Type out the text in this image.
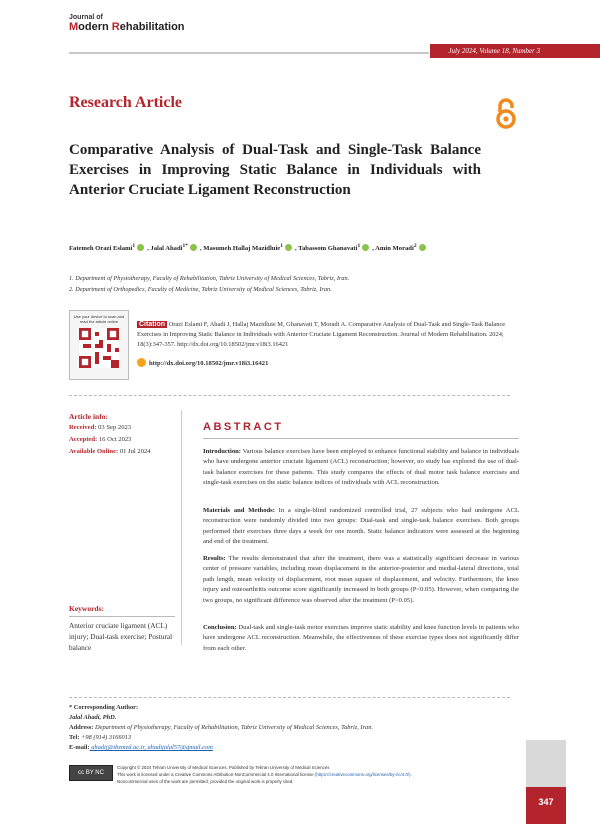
Journal of
Modern Rehabilitation
July 2024, Volume 18, Number 3
Research Article
Comparative Analysis of Dual-Task and Single-Task Balance Exercises in Improving Static Balance in Individuals with Anterior Cruciate Ligament Reconstruction
Fatemeh Orazi Eslami$^1$ , Jalal Ahadi$^{1*}$ , Masumeh Hallaj Mazidluie$^1$ , Tabassom Ghanavati$^1$ , Amin Moradi$^2$
1. Department of Physiotherapy, Faculty of Rehabilitation, Tabriz University of Medical Sciences, Tabriz, Iran.
2. Department of Orthopedics, Faculty of Medicine, Tabriz University of Medical Sciences, Tabriz, Iran.
Use your device to scan and read the article online	Citation Orazi Eslami F, Ahadi J, Hallaj Mazidluie M, Ghanavati T, Moradi A. Comparative Analysis of Dual-Task and Single-Task Balance Exercises in Improving Static Balance in Individuals with Anterior Cruciate Ligament Reconstruction. Journal of Modern Rehabilitation. 2024; 18(3):347-357. http://dx.doi.org/10.18502/jmr.v18i3.16421
http://dx.doi.org/10.18502/jmr.v18i3.16421
Article info:
Received: 03 Sep 2023
Accepted: 16 Oct 2023
Available Online: 01 Jul 2024
Keywords:
Anterior cruciate ligament (ACL) injury; Dual-task exercise; Postural balance
ABSTRACT
Introduction: Various balance exercises have been employed to enhance functional stability and balance in individuals who have undergone anterior cruciate ligament (ACL) reconstruction; however, no study has explored the use of dual-task balance exercises for these patients. This study compares the effects of dual motor task balance exercises and single-task exercises on the static balance indices of individuals with ACL reconstruction.
Materials and Methods: In a single-blind randomized controlled trial, 27 subjects who had undergone ACL reconstruction were randomly divided into two groups: Dual-task and single-task balance exercises. Both groups performed their exercises three days a week for one month. Static balance indicators were assessed at the beginning and end of the treatment.
Results: The results demonstrated that after the treatment, there was a statistically significant decrease in various center of pressure variables, including mean displacement in the anterior-posterior and medial-lateral directions, total path length, mean velocity of displacement, root mean square of displacement, and velocity. Furthermore, the knee injury and osteoarthritis outcome score significantly increased in both groups (P<0.05). However, when comparing the two groups, no significant difference was observed after the treatment (P>0.05).
Conclusion: Dual-task and single-task motor exercises improve static stability and knee function levels in patients who have undergone ACL reconstruction. Meanwhile, the effectiveness of these exercise types does not significantly differ from each other.
* Corresponding Author:
Jalal Ahadi, PhD.
Address: Department of Physiotherapy, Faculty of Rehabilitation, Tabriz University of Medical Sciences, Tabriz, Iran.
Tel: +98 (914) 3166013
E-mail: ahadij@tbzmed.ac.ir, ahadijalal57@gmail.com
cc BY NC
Copyright © 2024 Tehran University of Medical Sciences. Published by Tehran University of Medical Sciences
This work is licensed under a Creative Commons Attribution-NonCommercial 4.0 International license (https://creativecommons.org/licenses/by-nc/4.0/).
Noncommercial uses of the work are permitted, provided the original work is properly cited.
347
